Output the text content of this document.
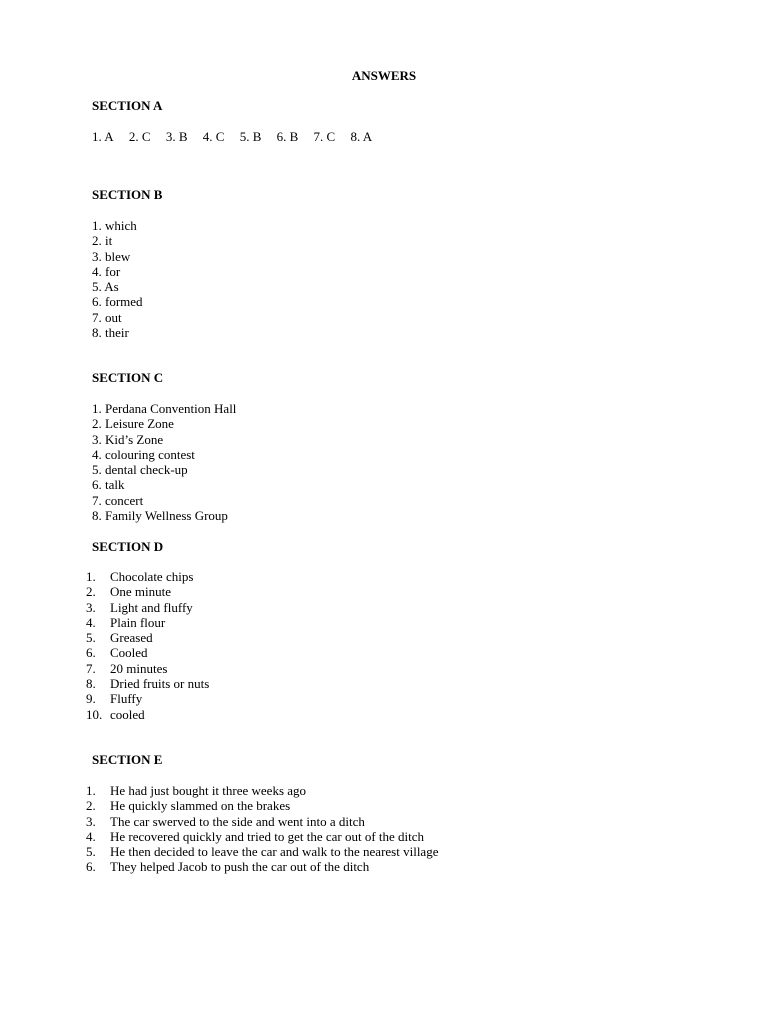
ANSWERS
SECTION A
1. A 2. C 3. B 4. C 5. B 6. B 7. C 8. A
SECTION B
1. which
2. it
3. blew
4. for
5. As
6. formed
7. out
8. their
SECTION C
1. Perdana Convention Hall
2. Leisure Zone
3. Kid’s Zone
4. colouring contest
5. dental check-up
6. talk
7. concert
8. Family Wellness Group
SECTION D
1.	Chocolate chips
2.	One minute
3.	Light and fluffy
4.	Plain flour
5.	Greased
6.	Cooled
7.	20 minutes
8.	Dried fruits or nuts
9.	Fluffy
10. cooled
SECTION E
1.	He had just bought it three weeks ago
2.	He quickly slammed on the brakes
3.	The car swerved to the side and went into a ditch
4.	He recovered quickly and tried to get the car out of the ditch
5.	He then decided to leave the car and walk to the nearest village
6.	They helped Jacob to push the car out of the ditch
